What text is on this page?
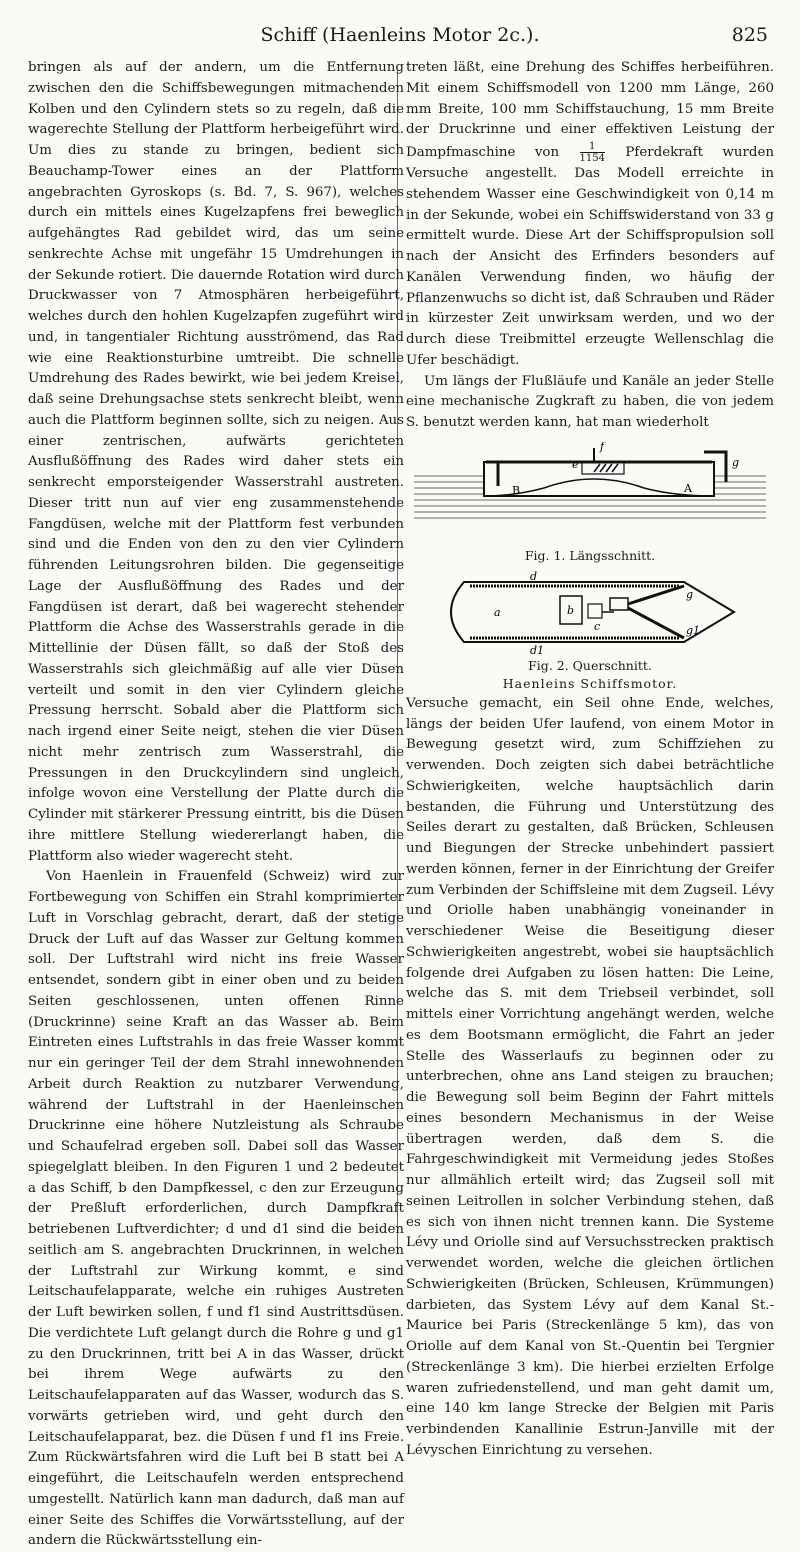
Schiff (Haenleins Motor 2c.).	825

bringen als auf der andern, um die Entfernung zwischen den die Schiffsbewegungen mitmachenden Kolben und den Cylindern stets so zu regeln, daß die wagerechte Stellung der Plattform herbeigeführt wird. Um dies zu stande zu bringen, bedient sich Beauchamp-Tower eines an der Plattform angebrachten Gyroskops (s. Bd. 7, S. 967), welches durch ein mittels eines Kugelzapfens frei beweglich aufgehängtes Rad gebildet wird, das um seine senkrechte Achse mit ungefähr 15 Umdrehungen in der Sekunde rotiert. Die dauernde Rotation wird durch Druckwasser von 7 Atmosphären herbeigeführt, welches durch den hohlen Kugelzapfen zugeführt wird und, in tangentialer Richtung ausströmend, das Rad wie eine Reaktionsturbine umtreibt. Die schnelle Umdrehung des Rades bewirkt, wie bei jedem Kreisel, daß seine Drehungsachse stets senkrecht bleibt, wenn auch die Plattform beginnen sollte, sich zu neigen. Aus einer zentrischen, aufwärts gerichteten Ausflußöffnung des Rades wird daher stets ein senkrecht emporsteigender Wasserstrahl austreten. Dieser tritt nun auf vier eng zusammenstehende Fangdüsen, welche mit der Plattform fest verbunden sind und die Enden von den zu den vier Cylindern führenden Leitungsrohren bilden. Die gegenseitige Lage der Ausflußöffnung des Rades und der Fangdüsen ist derart, daß bei wagerecht stehender Plattform die Achse des Wasserstrahls gerade in die Mittellinie der Düsen fällt, so daß der Stoß des Wasserstrahls sich gleichmäßig auf alle vier Düsen verteilt und somit in den vier Cylindern gleiche Pressung herrscht. Sobald aber die Plattform sich nach irgend einer Seite neigt, stehen die vier Düsen nicht mehr zentrisch zum Wasserstrahl, die Pressungen in den Druckcylindern sind ungleich, infolge wovon eine Verstellung der Platte durch die Cylinder mit stärkerer Pressung eintritt, bis die Düsen ihre mittlere Stellung wiedererlangt haben, die Plattform also wieder wagerecht steht.

Von Haenlein in Frauenfeld (Schweiz) wird zur Fortbewegung von Schiffen ein Strahl komprimierter Luft in Vorschlag gebracht, derart, daß der stetige Druck der Luft auf das Wasser zur Geltung kommen soll. Der Luftstrahl wird nicht ins freie Wasser entsendet, sondern gibt in einer oben und zu beiden Seiten geschlossenen, unten offenen Rinne (Druckrinne) seine Kraft an das Wasser ab. Beim Eintreten eines Luftstrahls in das freie Wasser kommt nur ein geringer Teil der dem Strahl innewohnenden Arbeit durch Reaktion zu nutzbarer Verwendung, während der Luftstrahl in der Haenleinschen Druckrinne eine höhere Nutzleistung als Schraube und Schaufelrad ergeben soll. Dabei soll das Wasser spiegelglatt bleiben. In den Figuren 1 und 2 bedeutet a das Schiff, b den Dampfkessel, c den zur Erzeugung der Preßluft erforderlichen, durch Dampfkraft betriebenen Luftverdichter; d und d1 sind die beiden seitlich am S. angebrachten Druckrinnen, in welchen der Luftstrahl zur Wirkung kommt, e sind Leitschaufelapparate, welche ein ruhiges Austreten der Luft bewirken sollen, f und f1 sind Austrittsdüsen. Die verdichtete Luft gelangt durch die Rohre g und g1 zu den Druckrinnen, tritt bei A in das Wasser, drückt bei ihrem Wege aufwärts zu den Leitschaufelapparaten auf das Wasser, wodurch das S. vorwärts getrieben wird, und geht durch den Leitschaufelapparat, bez. die Düsen f und f1 ins Freie. Zum Rückwärtsfahren wird die Luft bei B statt bei A eingeführt, die Leitschaufeln werden entsprechend umgestellt. Natürlich kann man dadurch, daß man auf einer Seite des Schiffes die Vorwärtsstellung, auf der andern die Rückwärtsstellung ein-

treten läßt, eine Drehung des Schiffes herbeiführen. Mit einem Schiffsmodell von 1200 mm Länge, 260 mm Breite, 100 mm Schiffstauchung, 15 mm Breite der Druckrinne und einer effektiven Leistung der Dampfmaschine von $\frac{1}{1154}$ Pferdekraft wurden Versuche angestellt. Das Modell erreichte in stehendem Wasser eine Geschwindigkeit von 0,14 m in der Sekunde, wobei ein Schiffswiderstand von 33 g ermittelt wurde. Diese Art der Schiffspropulsion soll nach der Ansicht des Erfinders besonders auf Kanälen Verwendung finden, wo häufig der Pflanzenwuchs so dicht ist, daß Schrauben und Räder in kürzester Zeit unwirksam werden, und wo der durch diese Treibmittel erzeugte Wellenschlag die Ufer beschädigt.

Um längs der Flußläufe und Kanäle an jeder Stelle eine mechanische Zugkraft zu haben, die von jedem S. benutzt werden kann, hat man wiederholt

B	A
e
f
g
Fig. 1. Längsschnitt.
a	b
c
d
d1
g
g1
Fig. 2. Querschnitt.
Haenleins Schiffsmotor.

Versuche gemacht, ein Seil ohne Ende, welches, längs der beiden Ufer laufend, von einem Motor in Bewegung gesetzt wird, zum Schiffziehen zu verwenden. Doch zeigten sich dabei beträchtliche Schwierigkeiten, welche hauptsächlich darin bestanden, die Führung und Unterstützung des Seiles derart zu gestalten, daß Brücken, Schleusen und Biegungen der Strecke unbehindert passiert werden können, ferner in der Einrichtung der Greifer zum Verbinden der Schiffsleine mit dem Zugseil. Lévy und Oriolle haben unabhängig voneinander in verschiedener Weise die Beseitigung dieser Schwierigkeiten angestrebt, wobei sie hauptsächlich folgende drei Aufgaben zu lösen hatten: Die Leine, welche das S. mit dem Triebseil verbindet, soll mittels einer Vorrichtung angehängt werden, welche es dem Bootsmann ermöglicht, die Fahrt an jeder Stelle des Wasserlaufs zu beginnen oder zu unterbrechen, ohne ans Land steigen zu brauchen; die Bewegung soll beim Beginn der Fahrt mittels eines besondern Mechanismus in der Weise übertragen werden, daß dem S. die Fahrgeschwindigkeit mit Vermeidung jedes Stoßes nur allmählich erteilt wird; das Zugseil soll mit seinen Leitrollen in solcher Verbindung stehen, daß es sich von ihnen nicht trennen kann. Die Systeme Lévy und Oriolle sind auf Versuchsstrecken praktisch verwendet worden, welche die gleichen örtlichen Schwierigkeiten (Brücken, Schleusen, Krümmungen) darbieten, das System Lévy auf dem Kanal St.-Maurice bei Paris (Streckenlänge 5 km), das von Oriolle auf dem Kanal von St.-Quentin bei Tergnier (Streckenlänge 3 km). Die hierbei erzielten Erfolge waren zufriedenstellend, und man geht damit um, eine 140 km lange Strecke der Belgien mit Paris verbindenden Kanallinie Estrun-Janville mit der Lévyschen Einrichtung zu versehen.
